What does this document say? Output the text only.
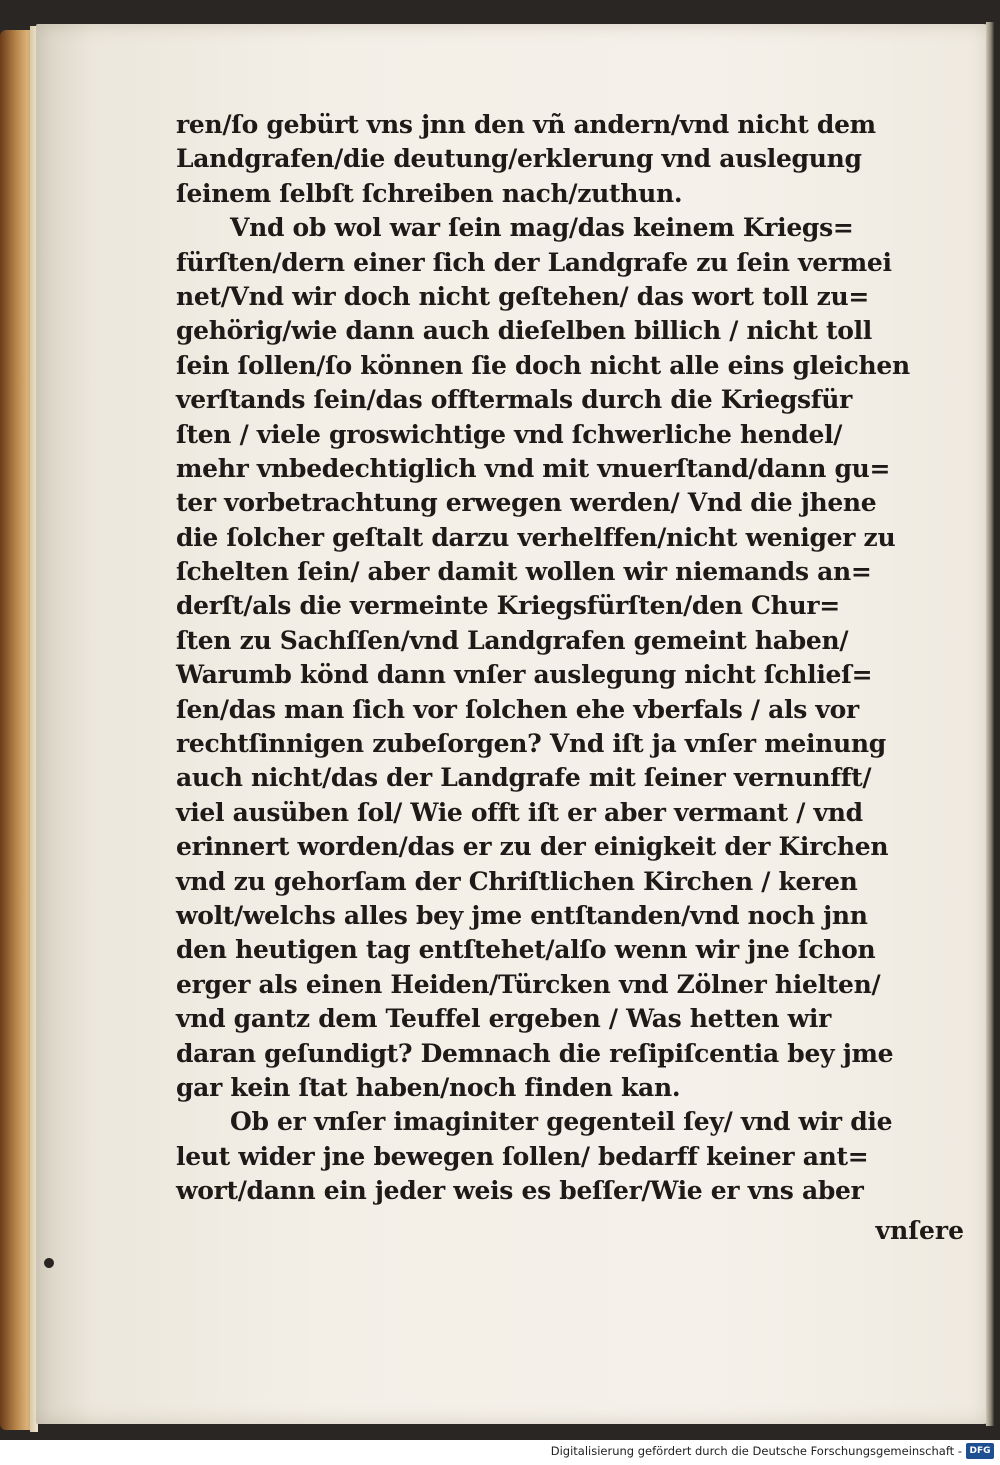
ren/ſo gebürt vns jnn den vñ andern/vnd nicht dem
Landgrafen/die deutung/erklerung vnd auslegung
ſeinem ſelbſt ſchreiben nach/zuthun.
Vnd ob wol war ſein mag/das keinem Kriegs=
fürſten/dern einer ſich der Landgrafe zu ſein vermei
net/Vnd wir doch nicht geſtehen/ das wort toll zu=
gehörig/wie dann auch dieſelben billich / nicht toll
ſein ſollen/ſo können ſie doch nicht alle eins gleichen
verſtands ſein/das offtermals durch die Kriegsfür
ſten / viele groswichtige vnd ſchwerliche hendel/
mehr vnbedechtiglich vnd mit vnuerſtand/dann gu=
ter vorbetrachtung erwegen werden/ Vnd die jhene
die ſolcher geſtalt darzu verhelffen/nicht weniger zu
ſchelten ſein/ aber damit wollen wir niemands an=
derſt/als die vermeinte Kriegsfürſten/den Chur=
ſten zu Sachſſen/vnd Landgrafen gemeint haben/
Warumb könd dann vnſer auslegung nicht ſchlieſ=
ſen/das man ſich vor ſolchen ehe vberfals / als vor
rechtſinnigen zubeſorgen? Vnd iſt ja vnſer meinung
auch nicht/das der Landgrafe mit ſeiner vernunfft/
viel ausüben ſol/ Wie offt iſt er aber vermant / vnd
erinnert worden/das er zu der einigkeit der Kirchen
vnd zu gehorſam der Chriſtlichen Kirchen / keren
wolt/welchs alles bey jme entſtanden/vnd noch jnn
den heutigen tag entſtehet/alſo wenn wir jne ſchon
erger als einen Heiden/Türcken vnd Zölner hielten/
vnd gantz dem Teuffel ergeben / Was hetten wir
daran geſundigt? Demnach die reſipiſcentia bey jme
gar kein ſtat haben/noch finden kan.
Ob er vnſer imaginiter gegenteil ſey/ vnd wir die
leut wider jne bewegen ſollen/ bedarff keiner ant=
wort/dann ein jeder weis es beſſer/Wie er vns aber
vnſere
Digitalisierung gefördert durch die Deutsche Forschungsgemeinschaft - DFG
